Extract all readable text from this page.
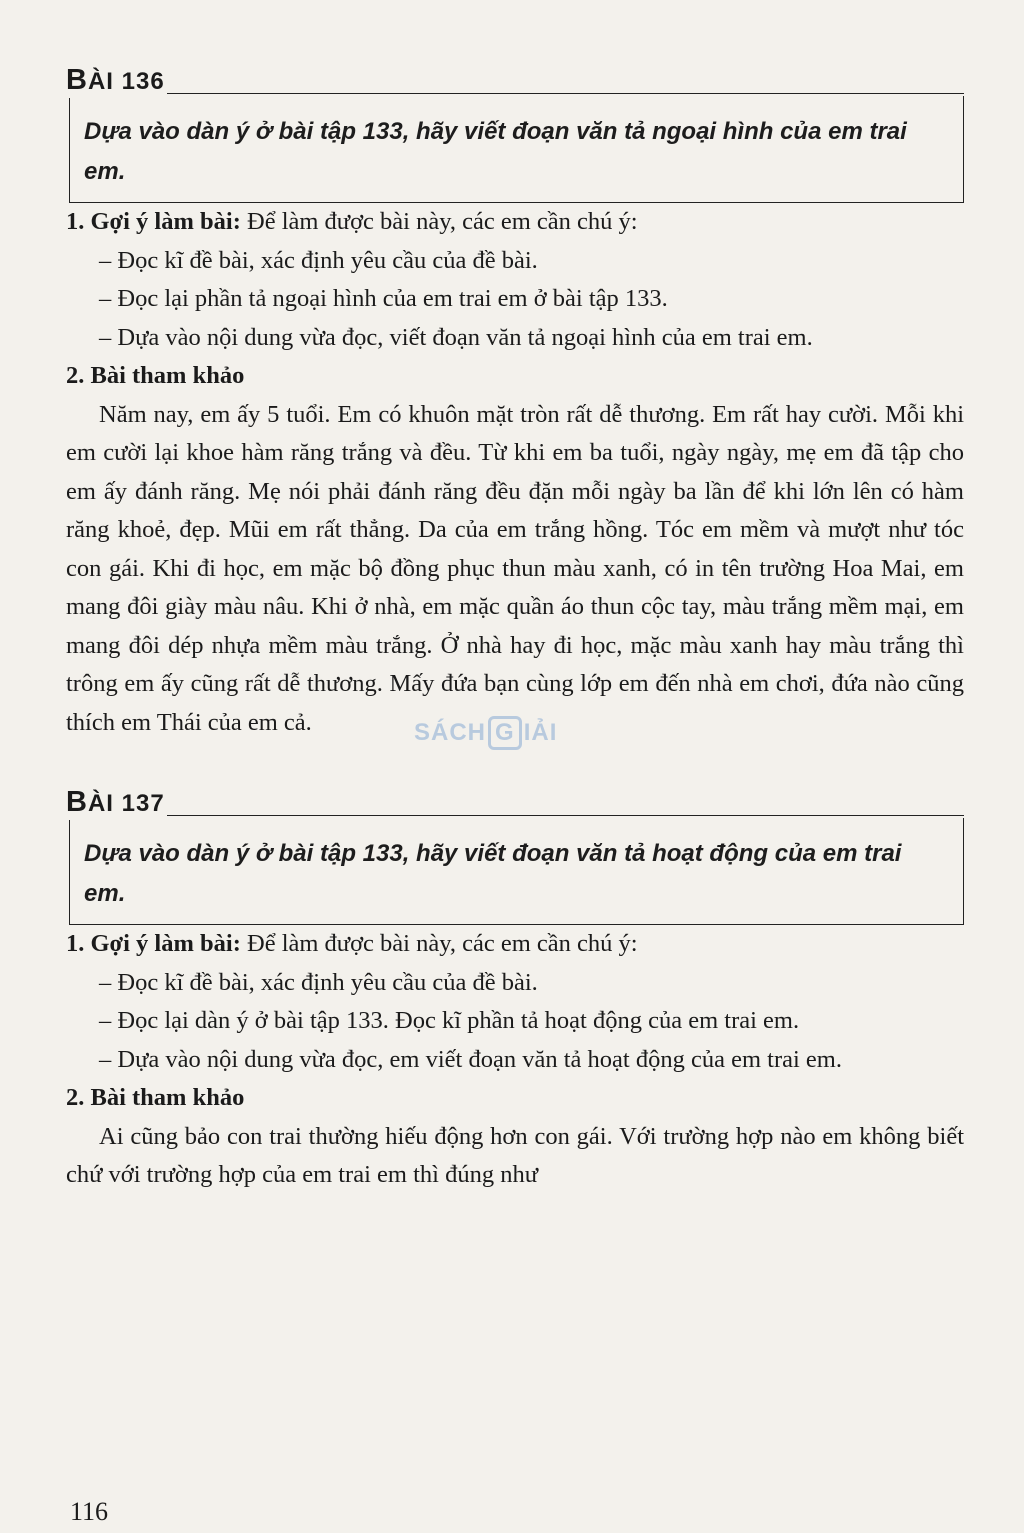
BÀI 136
Dựa vào dàn ý ở bài tập 133, hãy viết đoạn văn tả ngoại hình của em trai em.

1. Gợi ý làm bài: Để làm được bài này, các em cần chú ý:

– Đọc kĩ đề bài, xác định yêu cầu của đề bài.

– Đọc lại phần tả ngoại hình của em trai em ở bài tập 133.

– Dựa vào nội dung vừa đọc, viết đoạn văn tả ngoại hình của em trai em.

2. Bài tham khảo

Năm nay, em ấy 5 tuổi. Em có khuôn mặt tròn rất dễ thương. Em rất hay cười. Mỗi khi em cười lại khoe hàm răng trắng và đều. Từ khi em ba tuổi, ngày ngày, mẹ em đã tập cho em ấy đánh răng. Mẹ nói phải đánh răng đều đặn mỗi ngày ba lần để khi lớn lên có hàm răng khoẻ, đẹp. Mũi em rất thẳng. Da của em trắng hồng. Tóc em mềm và mượt như tóc con gái. Khi đi học, em mặc bộ đồng phục thun màu xanh, có in tên trường Hoa Mai, em mang đôi giày màu nâu. Khi ở nhà, em mặc quần áo thun cộc tay, màu trắng mềm mại, em mang đôi dép nhựa mềm màu trắng. Ở nhà hay đi học, mặc màu xanh hay màu trắng thì trông em ấy cũng rất dễ thương. Mấy đứa bạn cùng lớp em đến nhà em chơi, đứa nào cũng thích em Thái của em cả.

BÀI 137
Dựa vào dàn ý ở bài tập 133, hãy viết đoạn văn tả hoạt động của em trai em.

1. Gợi ý làm bài: Để làm được bài này, các em cần chú ý:

– Đọc kĩ đề bài, xác định yêu cầu của đề bài.

– Đọc lại dàn ý ở bài tập 133. Đọc kĩ phần tả hoạt động của em trai em.

– Dựa vào nội dung vừa đọc, em viết đoạn văn tả hoạt động của em trai em.

2. Bài tham khảo

Ai cũng bảo con trai thường hiếu động hơn con gái. Với trường hợp nào em không biết chứ với trường hợp của em trai em thì đúng như

SÁCH G IẢI
116
